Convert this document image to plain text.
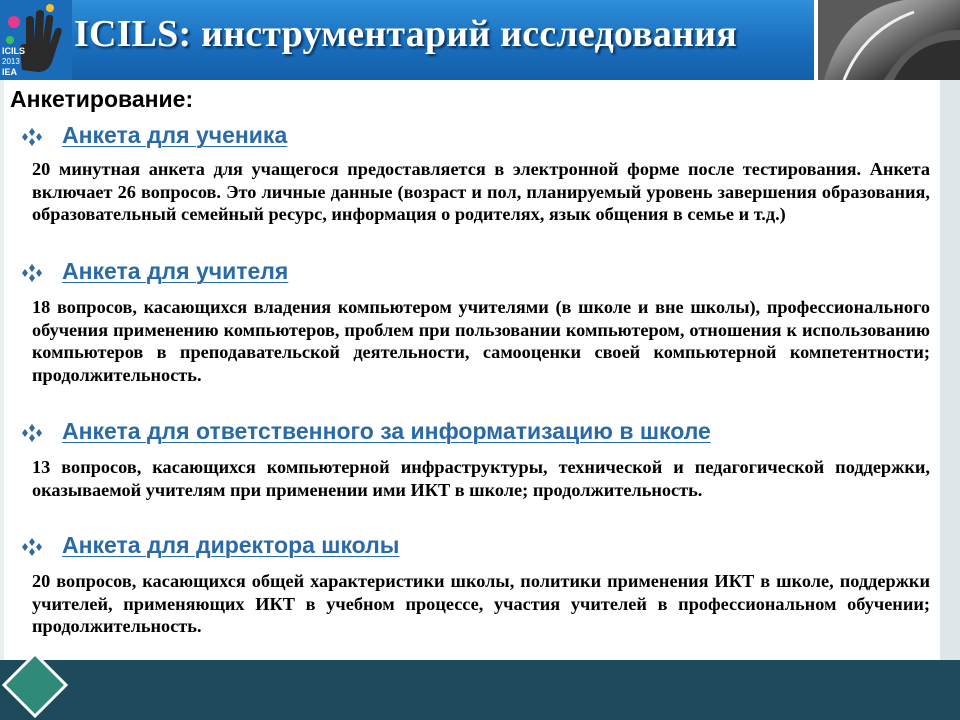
ICILS
2013
IEA
ICILS: инструментарий исследования
Анкетирование:
Анкета для ученика
20 минутная анкета для учащегося предоставляется в электронной форме после тестирования. Анкета включает 26 вопросов. Это личные данные (возраст и пол, планируемый уровень завершения образования, образовательный семейный ресурс, информация о родителях, язык общения в семье и т.д.)
Анкета для учителя
18 вопросов, касающихся владения компьютером учителями (в школе и вне школы), профессионального обучения применению компьютеров, проблем при пользовании компьютером, отношения к использованию компьютеров в преподавательской деятельности, самооценки своей компьютерной компетентности; продолжительность.
Анкета для ответственного за информатизацию в школе
13 вопросов, касающихся компьютерной инфраструктуры, технической и педагогической поддержки, оказываемой учителям при применении ими ИКТ в школе; продолжительность.
Анкета для директора школы
20 вопросов, касающихся общей характеристики школы, политики применения ИКТ в школе, поддержки учителей, применяющих ИКТ в учебном процессе, участия учителей в профессиональном обучении; продолжительность.
